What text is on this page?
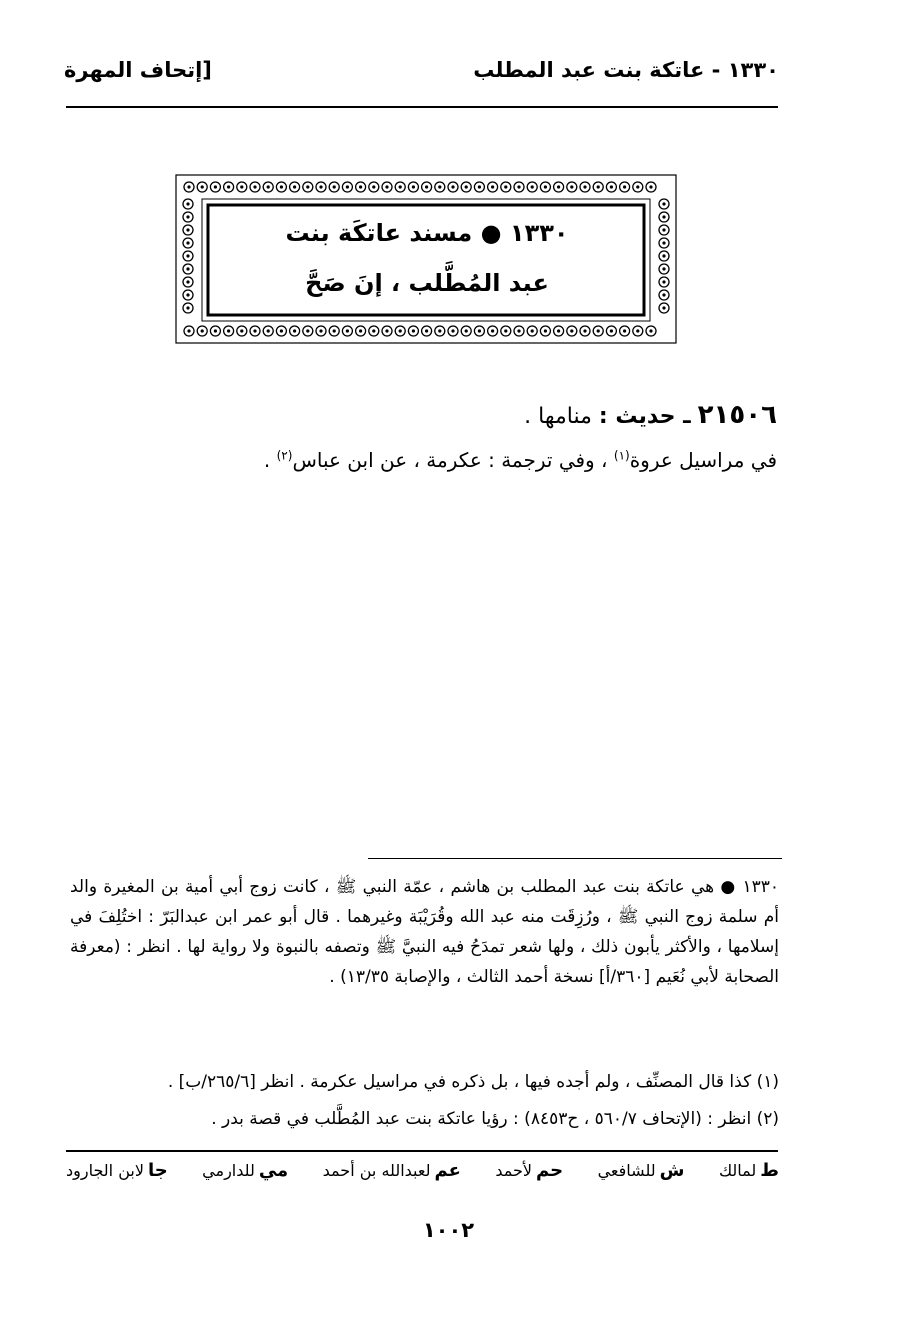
١٣٣٠ - عاتكة بنت عبد المطلب
[إتحاف المهرة
١٣٣٠ ● مسند عاتكَة بنت
عبد المُطَّلب ، إنَ صَحَّ
٢١٥٠٦ ـ حديث : منامها .
في مراسيل عروة$^{(١)}$ ، وفي ترجمة : عكرمة ، عن ابن عباس$^{(٢)}$ .
١٣٣٠ ● هي عاتكة بنت عبد المطلب بن هاشم ، عمّة النبي ﷺ ، كانت زوج أبي أمية بن المغيرة والد أم سلمة زوج النبي ﷺ ، ورُزِقَت منه عبد الله وقُرَيْبَة وغيرهما . قال أبو عمر ابن عبدالبَرّ : اختُلِفَ في إسلامها ، والأكثر يأبون ذلك ، ولها شعر تمدَحُ فيه النبيَّ ﷺ وتصفه بالنبوة ولا رواية لها . انظر : (معرفة الصحابة لأبي نُعَيم [٣٦٠/أ] نسخة أحمد الثالث ، والإصابة ١٣/٣٥) .
(١) كذا قال المصنِّف ، ولم أجده فيها ، بل ذكره في مراسيل عكرمة . انظر [٢٦٥/٦/ب] .
(٢) انظر : (الإتحاف ٥٦٠/٧ ، ح٨٤٥٣) : رؤيا عاتكة بنت عبد المُطَّلب في قصة بدر .
ط
لمالك
ش
للشافعي
حم
لأحمد
عم
لعبدالله بن أحمد
مي
للدارمي
جا
لابن الجارود
١٠٠٢
